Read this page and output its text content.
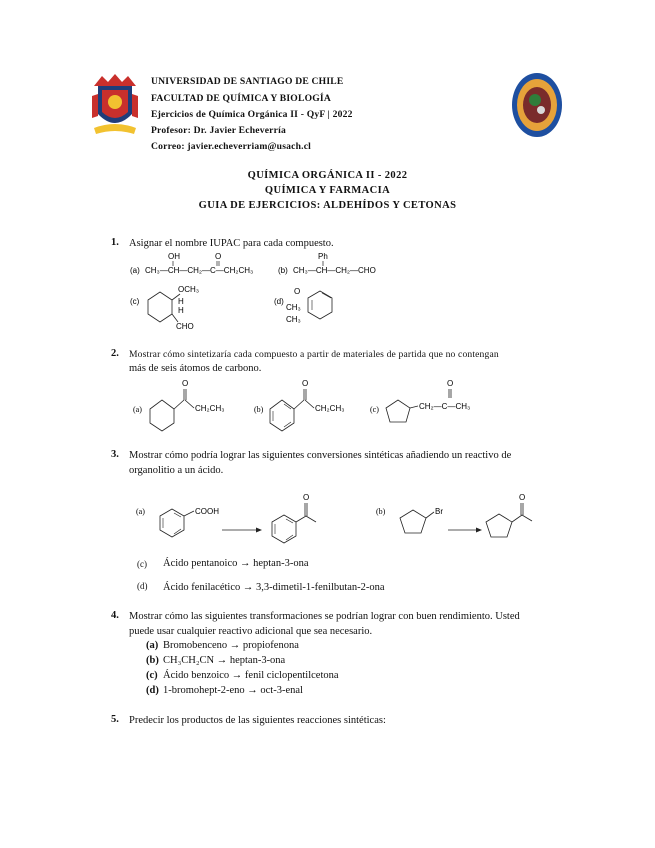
UNIVERSIDAD DE SANTIAGO DE CHILE
FACULTAD DE QUÍMICA Y BIOLOGÍA
Ejercicios de Química Orgánica II - QyF | 2022
Profesor: Dr. Javier Echeverría
Correo: javier.echeverriam@usach.cl
QUÍMICA ORGÁNICA II - 2022
QUÍMICA Y FARMACIA
GUIA DE EJERCICIOS: ALDEHÍDOS Y CETONAS
1. Asignar el nombre IUPAC para cada compuesto.
(a)
OH	O
CH₃—CH—CH₂—C—CH₂CH₃	(b)
Ph
CH₃—CH—CH₂—CHO
(c)
OCH₃
H
H
CHO
(d)
O
CH₃
CH₃
2. Mostrar cómo sintetizaría cada compuesto a partir de materiales de partida que no contengan
más de seis átomos de carbono.
(a)
O
CH₂CH₃	(b)
O
CH₂CH₃	(c)	CH₂—C—CH₃
O
3. Mostrar cómo podría lograr las siguientes conversiones sintéticas añadiendo un reactivo de
organolitio a un ácido.
(a)	COOH
O
(b)	Br
O
(c) Ácido pentanoico → heptan-3-ona
(d) Ácido fenilacético → 3,3-dimetil-1-fenilbutan-2-ona
4. Mostrar cómo las siguientes transformaciones se podrían lograr con buen rendimiento. Usted
puede usar cualquier reactivo adicional que sea necesario.
(a) Bromobenceno → propiofenona
(b) CH₃CH₂CN → heptan-3-ona
(c) Ácido benzoico → fenil ciclopentilcetona
(d) 1-bromohept-2-eno → oct-3-enal
5. Predecir los productos de las siguientes reacciones sintéticas:
